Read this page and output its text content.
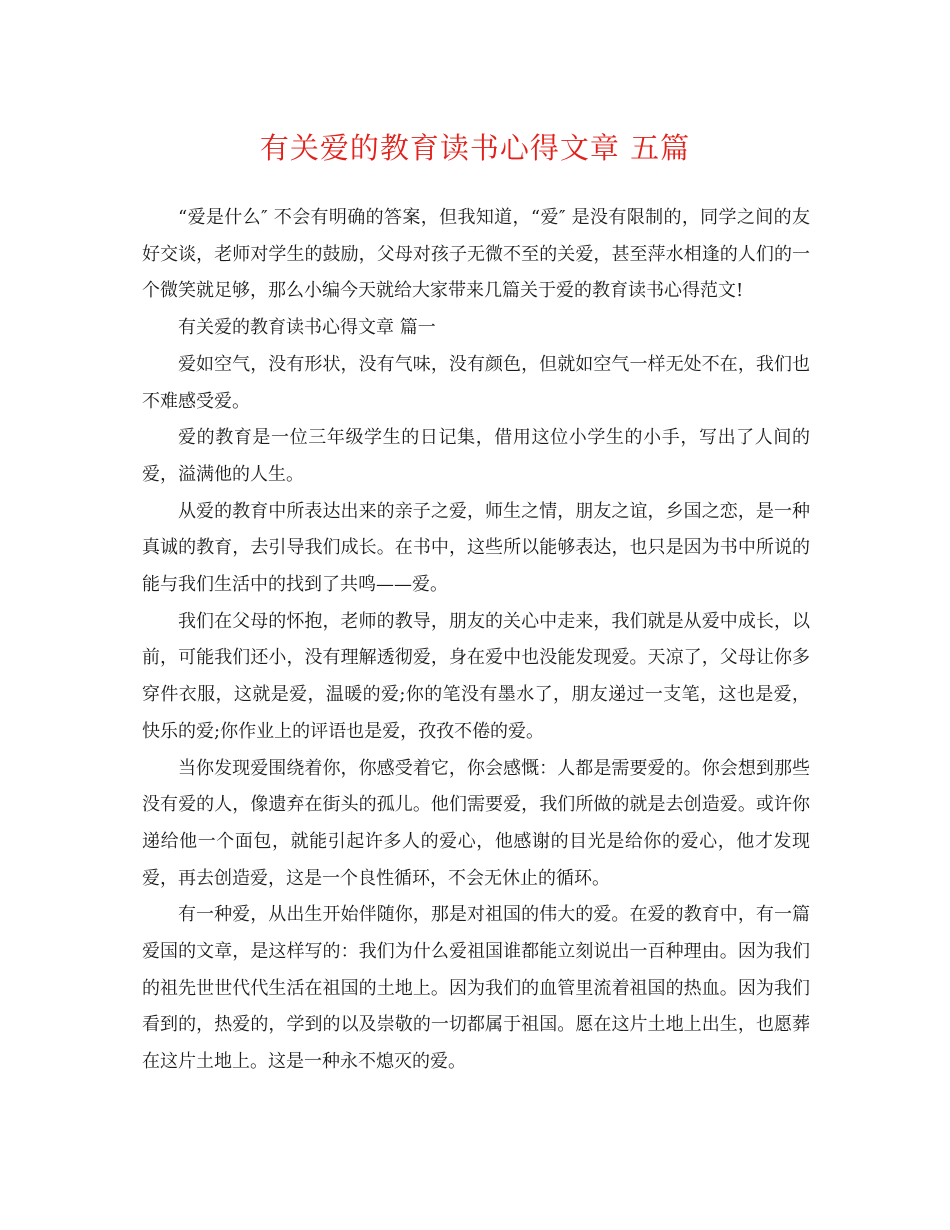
有关爱的教育读书心得文章 五篇

“爱是什么″ 不会有明确的答案，但我知道，“爱″ 是没有限制的，同学之间的友好交谈，老师对学生的鼓励，父母对孩子无微不至的关爱，甚至萍水相逢的人们的一个微笑就足够，那么小编今天就给大家带来几篇关于爱的教育读书心得范文!

有关爱的教育读书心得文章 篇一

爱如空气，没有形状，没有气味，没有颜色，但就如空气一样无处不在，我们也不难感受爱。

爱的教育是一位三年级学生的日记集，借用这位小学生的小手，写出了人间的爱，溢满他的人生。

从爱的教育中所表达出来的亲子之爱，师生之情，朋友之谊，乡国之恋，是一种真诚的教育，去引导我们成长。在书中，这些所以能够表达，也只是因为书中所说的能与我们生活中的找到了共鸣——爱。

我们在父母的怀抱，老师的教导，朋友的关心中走来，我们就是从爱中成长，以前，可能我们还小，没有理解透彻爱，身在爱中也没能发现爱。天凉了，父母让你多穿件衣服，这就是爱，温暖的爱;你的笔没有墨水了，朋友递过一支笔，这也是爱，快乐的爱;你作业上的评语也是爱，孜孜不倦的爱。

当你发现爱围绕着你，你感受着它，你会感慨：人都是需要爱的。你会想到那些没有爱的人，像遗弃在街头的孤儿。他们需要爱，我们所做的就是去创造爱。或许你递给他一个面包，就能引起许多人的爱心，他感谢的目光是给你的爱心，他才发现爱，再去创造爱，这是一个良性循环，不会无休止的循环。

有一种爱，从出生开始伴随你，那是对祖国的伟大的爱。在爱的教育中，有一篇爱国的文章，是这样写的：我们为什么爱祖国谁都能立刻说出一百种理由。因为我们的祖先世世代代生活在祖国的土地上。因为我们的血管里流着祖国的热血。因为我们看到的，热爱的，学到的以及崇敬的一切都属于祖国。愿在这片土地上出生，也愿葬在这片土地上。这是一种永不熄灭的爱。
